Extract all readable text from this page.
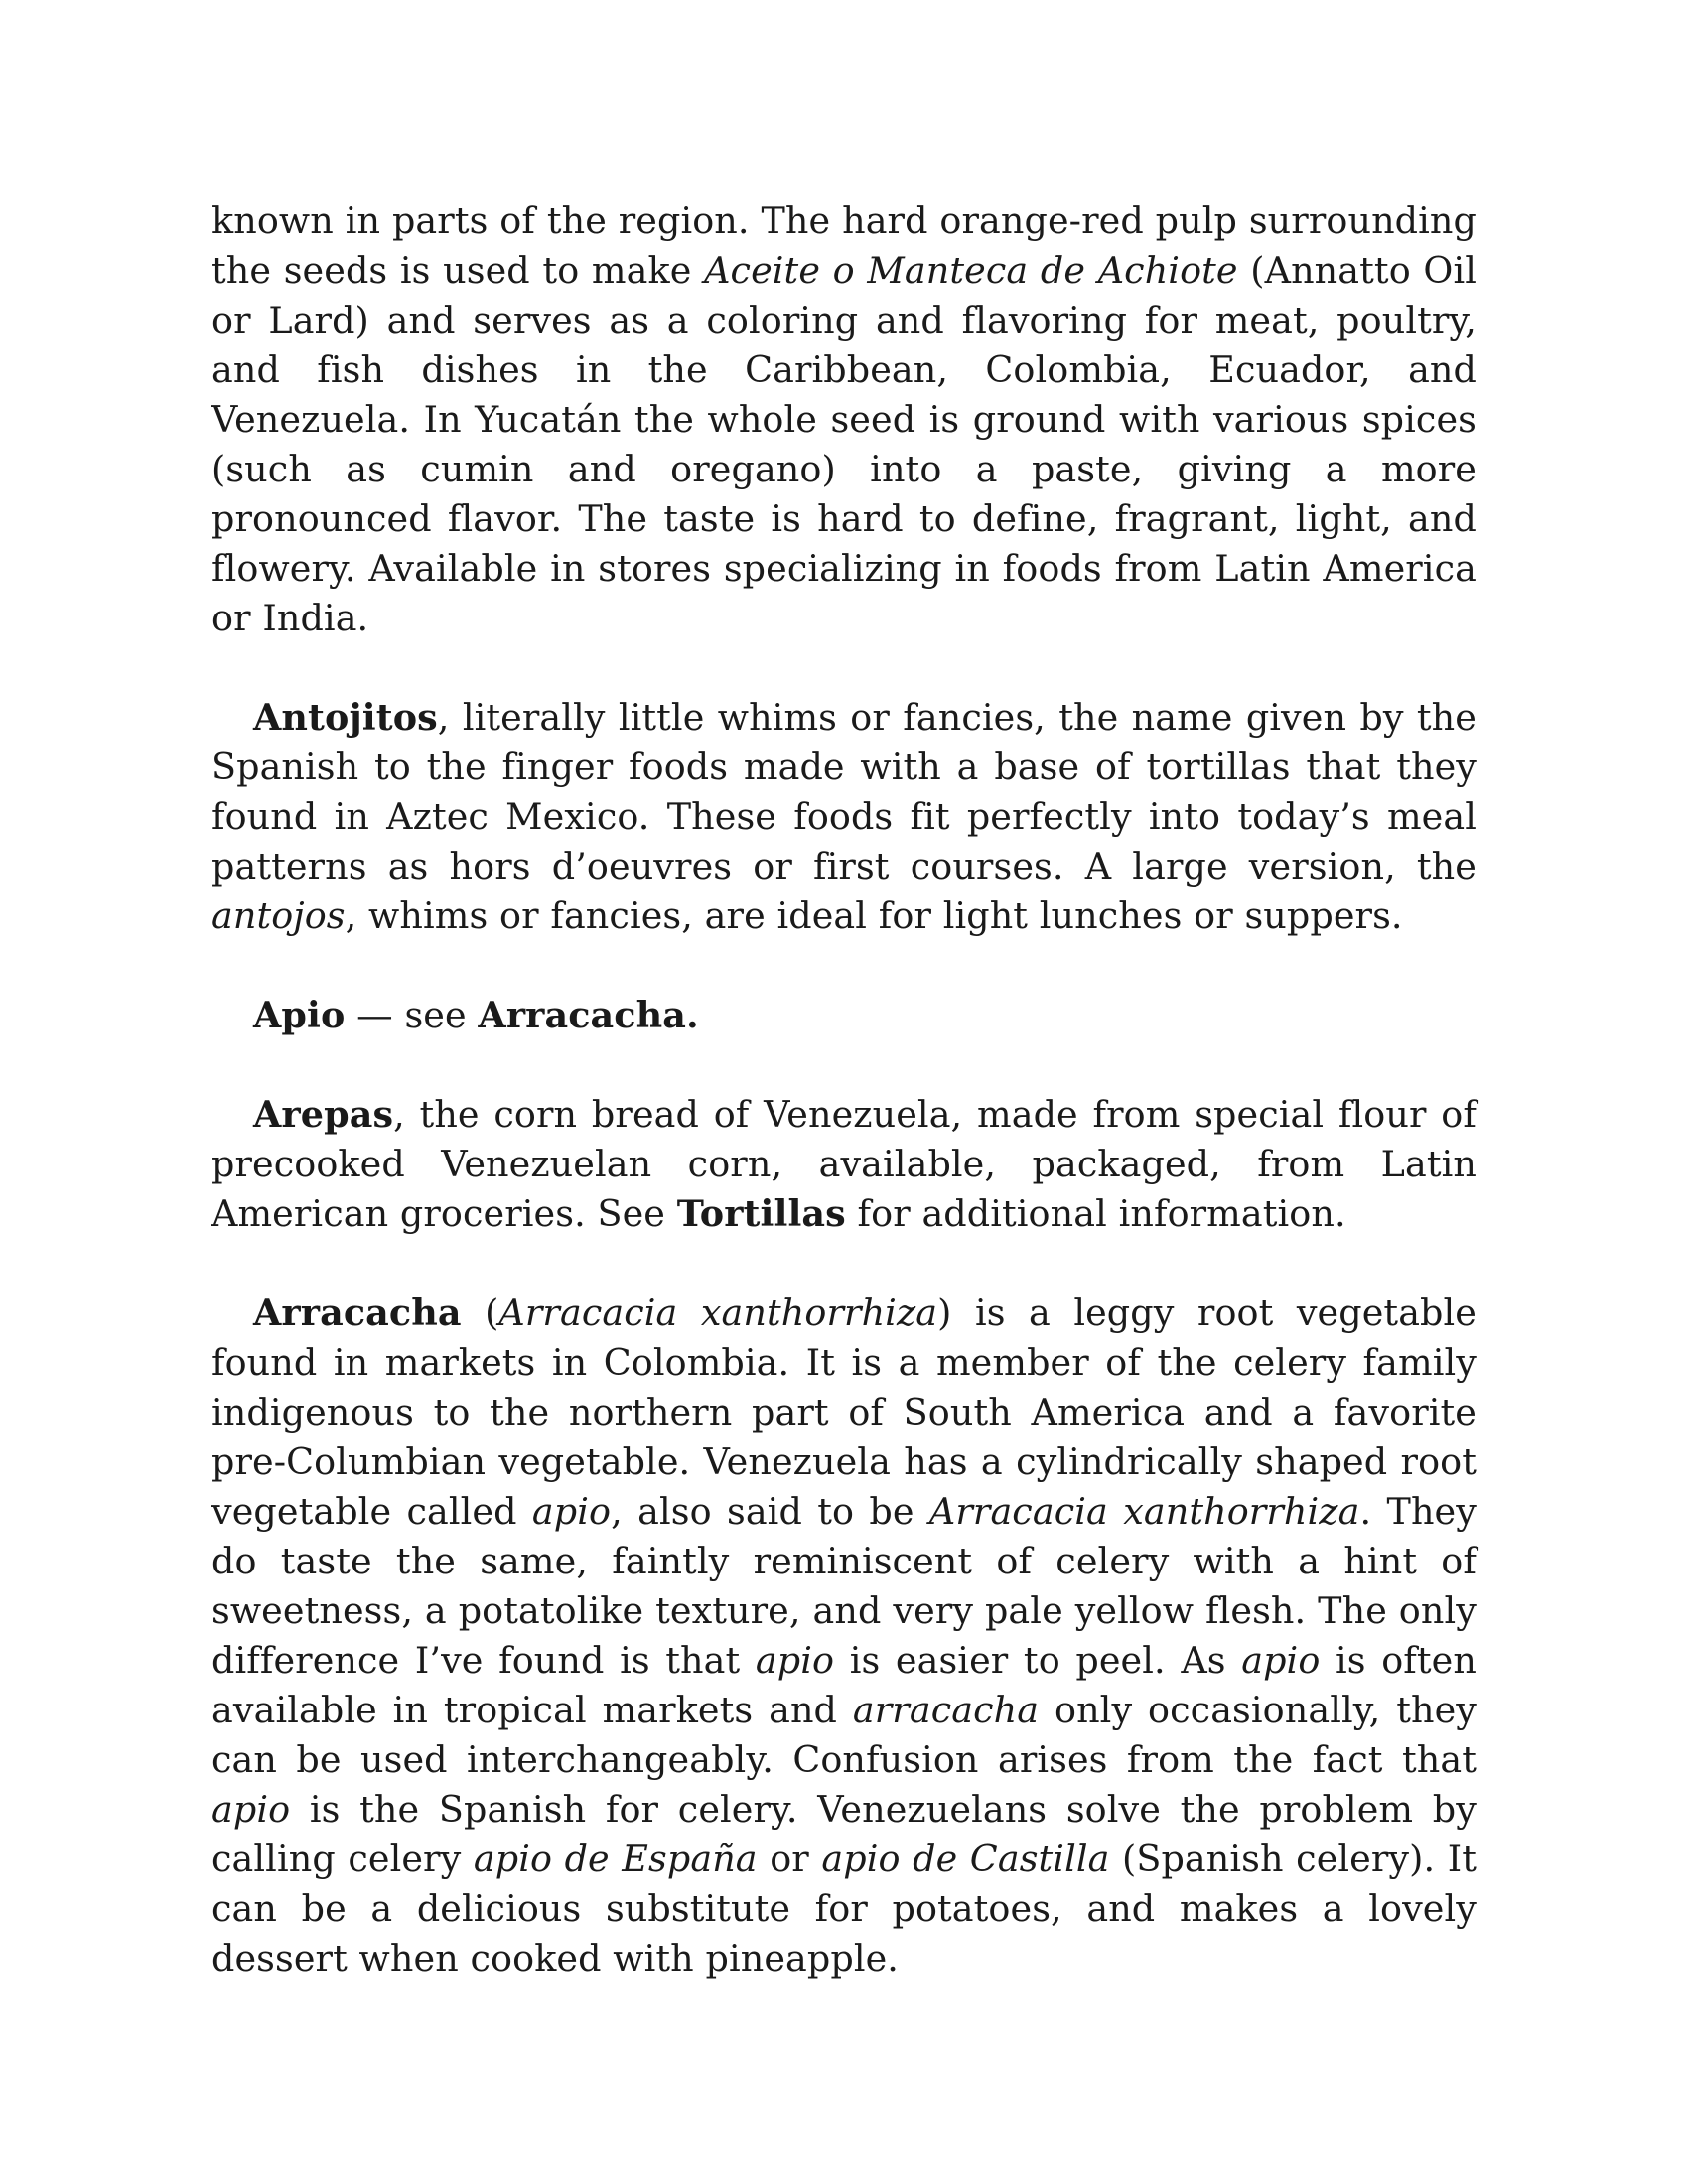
known in parts of the region. The hard orange-red pulp surrounding the seeds is used to make Aceite o Manteca de Achiote (Annatto Oil or Lard) and serves as a coloring and flavoring for meat, poultry, and fish dishes in the Caribbean, Colombia, Ecuador, and Venezuela. In Yucatán the whole seed is ground with various spices (such as cumin and oregano) into a paste, giving a more pronounced flavor. The taste is hard to define, fragrant, light, and flowery. Available in stores specializing in foods from Latin America or India.

Antojitos, literally little whims or fancies, the name given by the Spanish to the finger foods made with a base of tortillas that they found in Aztec Mexico. These foods fit perfectly into today’s meal patterns as hors d’oeuvres or first courses. A large version, the antojos, whims or fancies, are ideal for light lunches or suppers.

Apio — see Arracacha.

Arepas, the corn bread of Venezuela, made from special flour of precooked Venezuelan corn, available, packaged, from Latin American groceries. See Tortillas for additional information.

Arracacha (Arracacia xanthorrhiza) is a leggy root vegetable found in markets in Colombia. It is a member of the celery family indigenous to the northern part of South America and a favorite pre-Columbian vegetable. Venezuela has a cylindrically shaped root vegetable called apio, also said to be Arracacia xanthorrhiza. They do taste the same, faintly reminiscent of celery with a hint of sweetness, a potatolike texture, and very pale yellow flesh. The only difference I’ve found is that apio is easier to peel. As apio is often available in tropical markets and arracacha only occasionally, they can be used interchangeably. Confusion arises from the fact that apio is the Spanish for celery. Venezuelans solve the problem by calling celery apio de España or apio de Castilla (Spanish celery). It can be a delicious substitute for potatoes, and makes a lovely dessert when cooked with pineapple.
